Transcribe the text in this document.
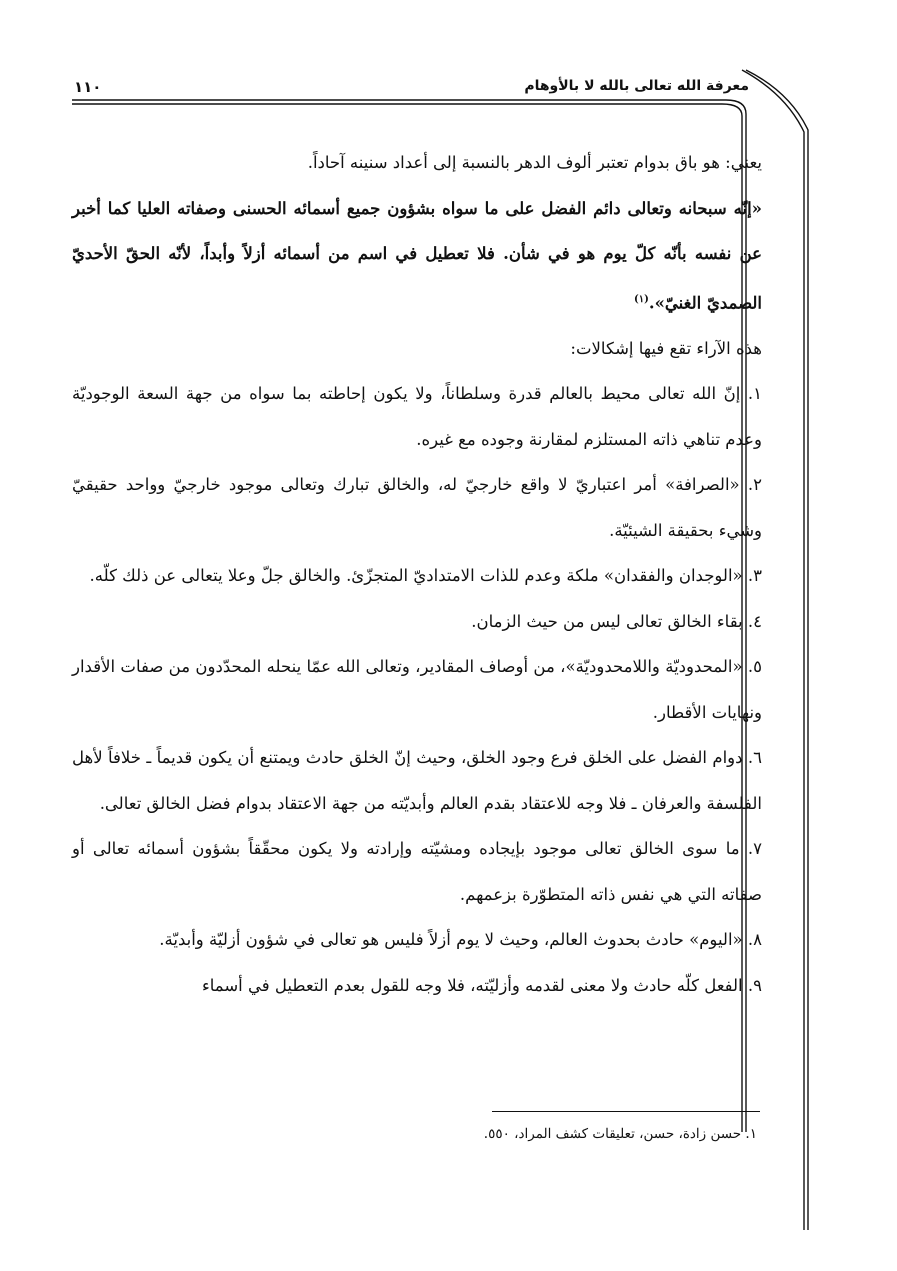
معرفة الله تعالى بالله لا بالأوهام
١١٠

يعني: هو باق بدوام تعتبر ألوف الدهر بالنسبة إلى أعداد سنينه آحاداً.

«إنّه سبحانه وتعالى دائم الفضل على ما سواه بشؤون جميع أسمائه الحسنى وصفاته العليا كما أخبر عن نفسه بأنّه كلّ يوم هو في شأن. فلا تعطيل في اسم من أسمائه أزلاً وأبداً، لأنّه الحقّ الأحديّ الصمديّ الغنيّ».$^{(١)}$

هذه الآراء تقع فيها إشكالات:

١. إنّ الله تعالى محيط بالعالم قدرة وسلطاناً، ولا يكون إحاطته بما سواه من جهة السعة الوجوديّة وعدم تناهي ذاته المستلزم لمقارنة وجوده مع غيره.

٢. «الصرافة» أمر اعتباريّ لا واقع خارجيّ له، والخالق تبارك وتعالى موجود خارجيّ وواحد حقيقيّ وشيء بحقيقة الشيئيّة.

٣. «الوجدان والفقدان» ملكة وعدم للذات الامتداديّ المتجزّئ. والخالق جلّ وعلا يتعالى عن ذلك كلّه.

٤. بقاء الخالق تعالى ليس من حيث الزمان.

٥. «المحدوديّة واللامحدوديّة»، من أوصاف المقادير، وتعالى الله عمّا ينحله المحدّدون من صفات الأقدار ونهايات الأقطار.

٦. دوام الفضل على الخلق فرع وجود الخلق، وحيث إنّ الخلق حادث ويمتنع أن يكون قديماً ـ خلافاً لأهل الفلسفة والعرفان ـ فلا وجه للاعتقاد بقدم العالم وأبديّته من جهة الاعتقاد بدوام فضل الخالق تعالى.

٧. ما سوى الخالق تعالى موجود بإيجاده ومشيّته وإرادته ولا يكون محقّقاً بشؤون أسمائه تعالى أو صفاته التي هي نفس ذاته المتطوّرة بزعمهم.

٨. «اليوم» حادث بحدوث العالم، وحيث لا يوم أزلاً فليس هو تعالى في شؤون أزليّة وأبديّة.

٩. الفعل كلّه حادث ولا معنى لقدمه وأزليّته، فلا وجه للقول بعدم التعطيل في أسماء

١. حسن زادة، حسن، تعليقات كشف المراد، ٥٥٠.
